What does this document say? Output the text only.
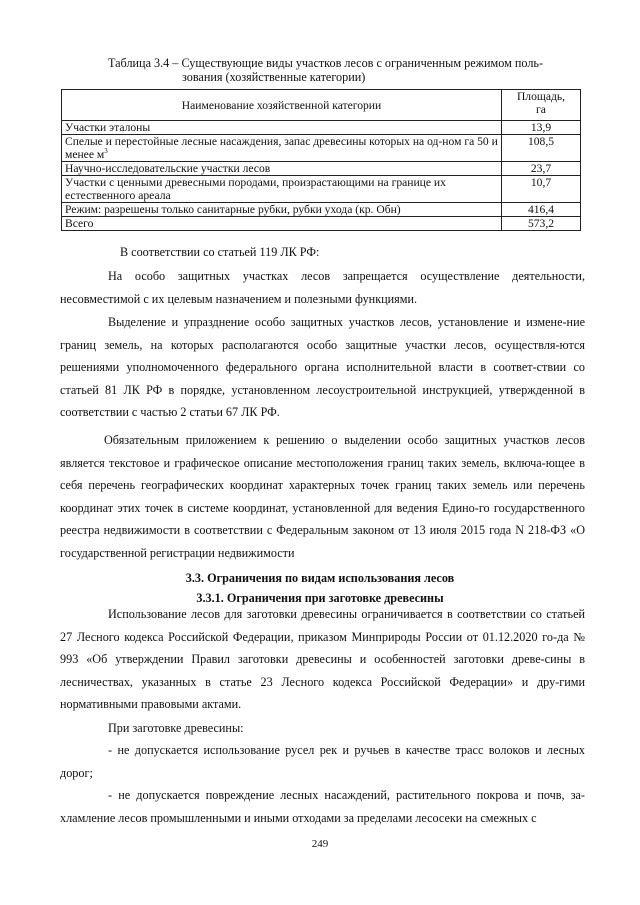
Таблица 3.4 – Существующие виды участков лесов с ограниченным режимом поль-
зования (хозяйственные категории)
Наименование хозяйственной категории	Площадь,
га
Участки эталоны	13,9
Спелые и перестойные лесные насаждения, запас древесины которых на од-ном га 50 и менее $м^3$	108,5
Научно-исследовательские участки лесов	23,7
Участки с ценными древесными породами, произрастающими на границе их естественного ареала	10,7
Режим: разрешены только санитарные рубки, рубки ухода (кр. Обн)	416,4
Всего	573,2
В соответствии со статьей 119 ЛК РФ:

На особо защитных участках лесов запрещается осуществление деятельности, несовместимой с их целевым назначением и полезными функциями.

Выделение и упразднение особо защитных участков лесов, установление и измене-ние границ земель, на которых располагаются особо защитные участки лесов, осуществля-ются решениями уполномоченного федерального органа исполнительной власти в соответ-ствии со статьей 81 ЛК РФ в порядке, установленном лесоустроительной инструкцией, утвержденной в соответствии с частью 2 статьи 67 ЛК РФ.

Обязательным приложением к решению о выделении особо защитных участков лесов является текстовое и графическое описание местоположения границ таких земель, включа-ющее в себя перечень географических координат характерных точек границ таких земель или перечень координат этих точек в системе координат, установленной для ведения Едино-го государственного реестра недвижимости в соответствии с Федеральным законом от 13 июля 2015 года N 218-ФЗ «О государственной регистрации недвижимости

3.3. Ограничения по видам использования лесов
3.3.1. Ограничения при заготовке древесины

Использование лесов для заготовки древесины ограничивается в соответствии со статьей 27 Лесного кодекса Российской Федерации, приказом Минприроды России от 01.12.2020 го-да № 993 «Об утверждении Правил заготовки древесины и особенностей заготовки древе-сины в лесничествах, указанных в статье 23 Лесного кодекса Российской Федерации» и дру-гими нормативными правовыми актами.

При заготовке древесины:

- не допускается использование русел рек и ручьев в качестве трасс волоков и лесных дорог;

- не допускается повреждение лесных насаждений, растительного покрова и почв, за-хламление лесов промышленными и иными отходами за пределами лесосеки на смежных с

249
